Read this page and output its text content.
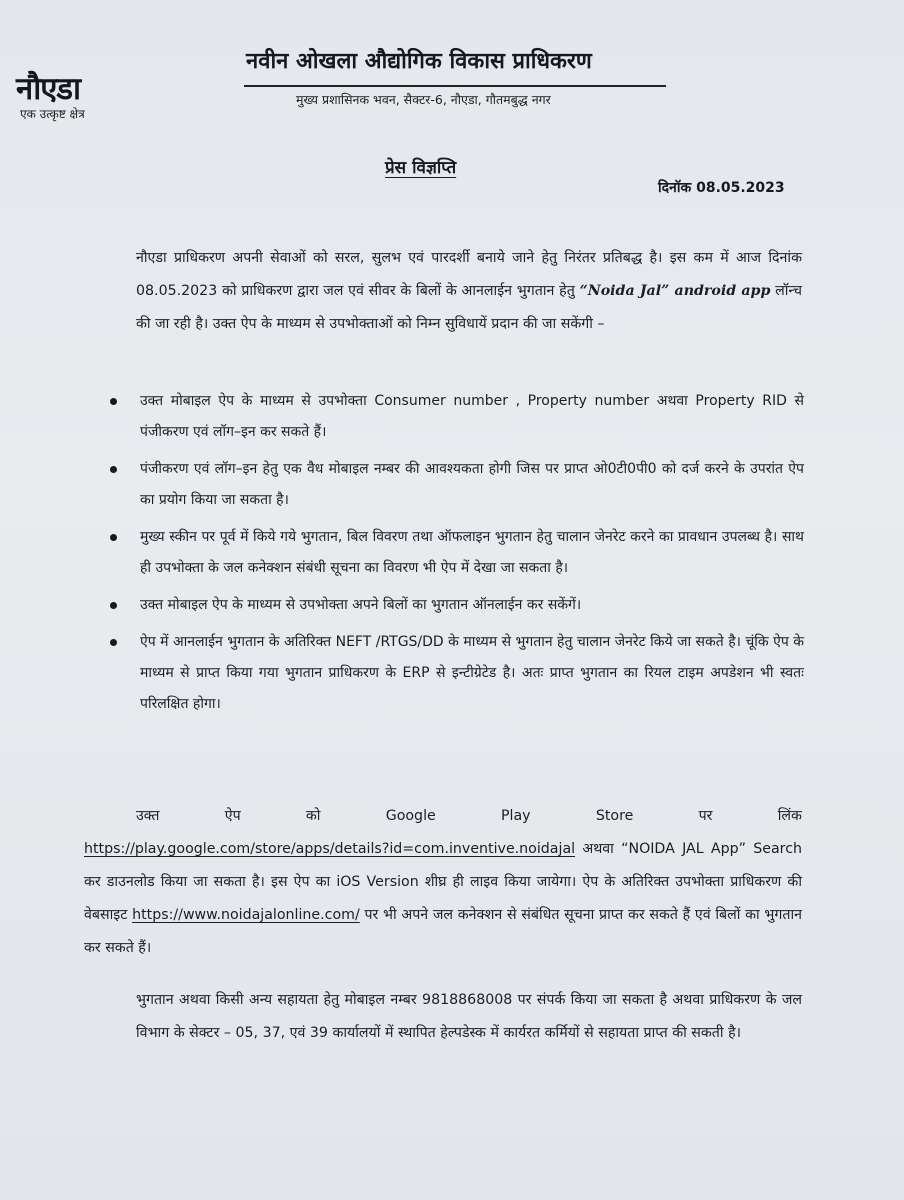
नौएडा
एक उत्कृष्ट क्षेत्र
नवीन ओखला औद्योगिक विकास प्राधिकरण
मुख्य प्रशासिनक भवन, सैक्टर-6, नौएडा, गौतमबुद्ध नगर
प्रेस विज्ञप्ति
दिनॉक 08.05.2023
नौएडा प्राधिकरण अपनी सेवाओं को सरल, सुलभ एवं पारदर्शी बनाये जाने हेतु निरंतर प्रतिबद्ध है। इस कम में आज दिनांक 08.05.2023 को प्राधिकरण द्वारा जल एवं सीवर के बिलों के आनलाईन भुगतान हेतु “Noida Jal” android app लॉन्च की जा रही है। उक्त ऐप के माध्यम से उपभोक्ताओं को निम्न सुविधायें प्रदान की जा सकेंगी –
उक्त मोबाइल ऐप के माध्यम से उपभोक्ता Consumer number , Property number अथवा Property RID से पंजीकरण एवं लॉग–इन कर सकते हैं।
पंजीकरण एवं लॉग–इन हेतु एक वैध मोबाइल नम्बर की आवश्यकता होगी जिस पर प्राप्त ओ0टी0पी0 को दर्ज करने के उपरांत ऐप का प्रयोग किया जा सकता है।
मुख्य स्कीन पर पूर्व में किये गये भुगतान, बिल विवरण तथा ऑफलाइन भुगतान हेतु चालान जेनरेट करने का प्रावधान उपलब्ध है। साथ ही उपभोक्ता के जल कनेक्शन संबंधी सूचना का विवरण भी ऐप में देखा जा सकता है।
उक्त मोबाइल ऐप के माध्यम से उपभोक्ता अपने बिलों का भुगतान ऑनलाईन कर सकेंगें।
ऐप में आनलाईन भुगतान के अतिरिक्त NEFT /RTGS/DD के माध्यम से भुगतान हेतु चालान जेनरेट किये जा सकते है। चूंकि ऐप के माध्यम से प्राप्त किया गया भुगतान प्राधिकरण के ERP से इन्टीग्रेटेड है। अतः प्राप्त भुगतान का रियल टाइम अपडेशन भी स्वतः परिलक्षित होगा।
उक्त	ऐप	को	Google	Play	Store	पर	लिंक
https://play.google.com/store/apps/details?id=com.inventive.noidajal अथवा “NOIDA JAL App” Search कर डाउनलोड किया जा सकता है। इस ऐप का iOS Version शीघ्र ही लाइव किया जायेगा। ऐप के अतिरिक्त उपभोक्ता प्राधिकरण की वेबसाइट https://www.noidajalonline.com/ पर भी अपने जल कनेक्शन से संबंधित सूचना प्राप्त कर सकते हैं एवं बिलों का भुगतान कर सकते हैं।
भुगतान अथवा किसी अन्य सहायता हेतु मोबाइल नम्बर 9818868008 पर संपर्क किया जा सकता है अथवा प्राधिकरण के जल विभाग के सेक्टर – 05, 37, एवं 39 कार्यालयों में स्थापित हेल्पडेस्क में कार्यरत कर्मियों से सहायता प्राप्त की सकती है।
